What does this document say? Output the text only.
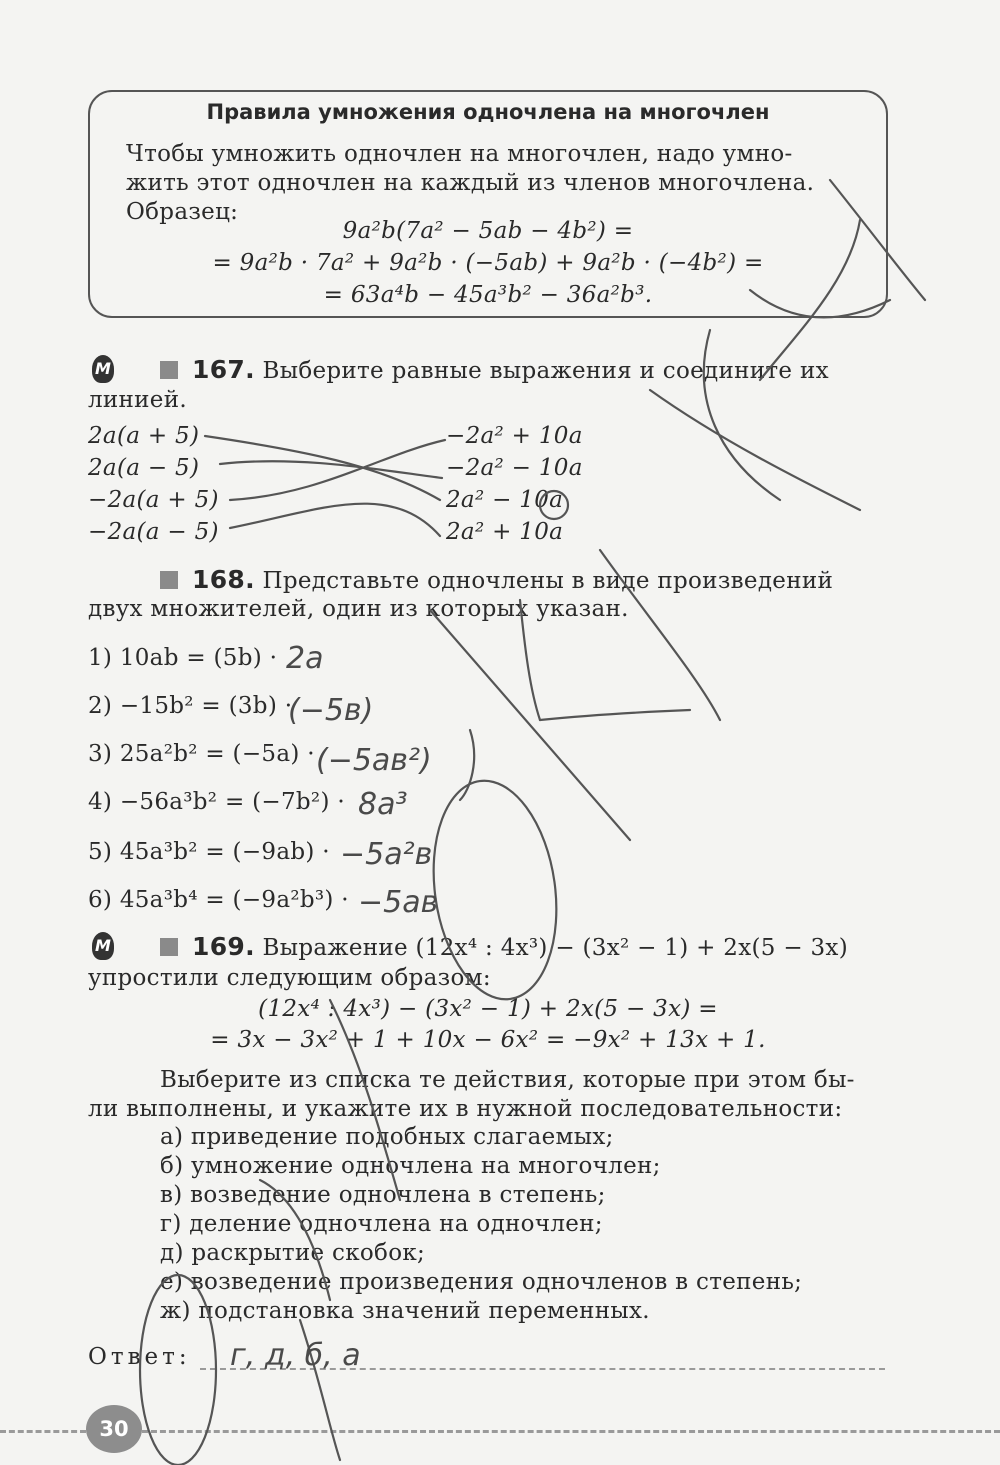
Правила умножения одночлена на многочлен
Чтобы умножить одночлен на многочлен, надо умно-
жить этот одночлен на каждый из членов многочлена.
Образец:
9a²b(7a² − 5ab − 4b²) =
= 9a²b · 7a² + 9a²b · (−5ab) + 9a²b · (−4b²) =
= 63a⁴b − 45a³b² − 36a²b³.
M	167. Выберите равные выражения и соедините их
линией.
2a(a + 5)
2a(a − 5)
−2a(a + 5)
−2a(a − 5)
−2a² + 10a
−2a² − 10a
2a² − 10a
2a² + 10a
168. Представьте одночлены в виде произведений
двух множителей, один из которых указан.
1) 10ab = (5b) ·
2) −15b² = (3b) ·
3) 25a²b² = (−5a) ·
4) −56a³b² = (−7b²) ·
5) 45a³b² = (−9ab) ·
6) 45a³b⁴ = (−9a²b³) ·
M	169. Выражение (12x⁴ : 4x³) − (3x² − 1) + 2x(5 − 3x)
упростили следующим образом:
(12x⁴ : 4x³) − (3x² − 1) + 2x(5 − 3x) =
= 3x − 3x² + 1 + 10x − 6x² = −9x² + 13x + 1.
Выберите из списка те действия, которые при этом бы-
ли выполнены, и укажите их в нужной последовательности:
а) приведение подобных слагаемых;
б) умножение одночлена на многочлен;
в) возведение одночлена в степень;
г) деление одночлена на одночлен;
д) раскрытие скобок;
е) возведение произведения одночленов в степень;
ж) подстановка значений переменных.
Ответ:
30
2a
(−5в)
(−5ав²)
8a³
−5a²в
−5aв
г, д, б, а
